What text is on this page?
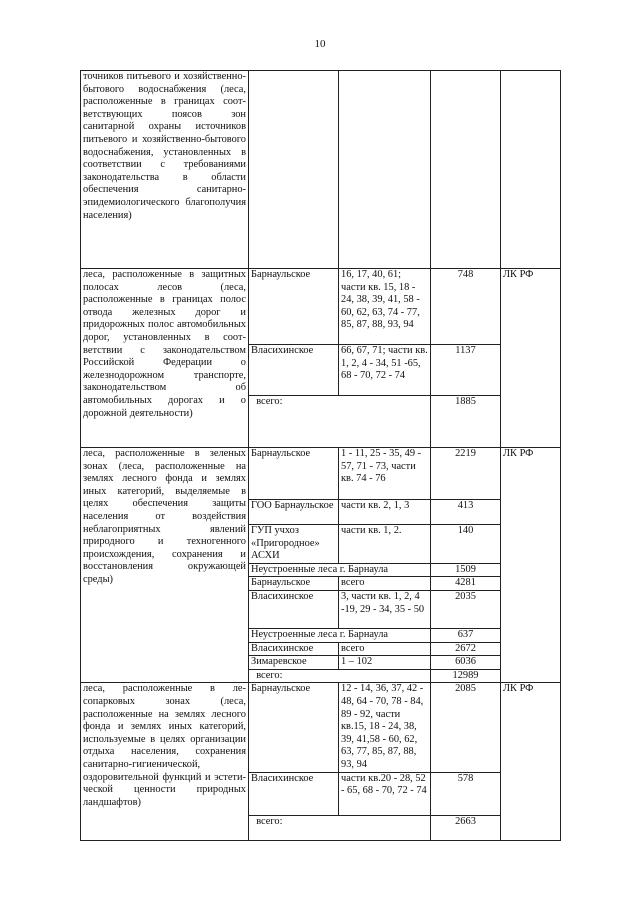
10
точников питьевого и хозяйственно-бытового водоснабжения (леса, расположенные в границах соответствующих поясов зон санитарной охраны источников питьевого и хозяйственно-бытового водоснабжения, установленных в соответствии с требованиями законодательства в области обеспечения санитарно-эпидемиологического благополучия населения)				
леса, расположенные в защитных полосах лесов (леса, расположенные в границах полос отвода железных дорог и придорожных полос автомобильных дорог, установленных в соответствии с законодательством Российской Федерации о железнодорожном транспорте, законодательством об автомобильных дорогах и о дорожной деятельности)	Барнаульское	16, 17, 40, 61; части кв. 15, 18 - 24, 38, 39, 41, 58 - 60, 62, 63, 74 - 77, 85, 87, 88, 93, 94	748	ЛК РФ
	Власихинское	66, 67, 71; части кв. 1, 2, 4 - 34, 51 -65, 68 - 70, 72 - 74	1137	
	всего:		1885	
леса, расположенные в зеленых зонах (леса, расположенные на землях лесного фонда и землях иных категорий, выделяемые в целях обеспечения защиты населения от воздействия неблагоприятных явлений природного и техногенного происхождения, сохранения и восстановления окружающей среды)	Барнаульское	1 - 11, 25 - 35, 49 - 57, 71 - 73, части кв. 74 - 76	2219	ЛК РФ
	ГОО Барнаульское	части кв. 2, 1, 3	413	
	ГУП учхоз «Пригородное» АСХИ	части кв. 1, 2.	140	
	Неустроенные леса г. Барнаула		1509	
	Барнаульское	всего	4281	
	Власихинское	3, части кв. 1, 2, 4 -19, 29 - 34, 35 - 50	2035	
	Неустроенные леса г. Барнаула		637	
	Власихинское	всего	2672	
	Зимаревское	1 – 102	6036	
	всего:		12989	
леса, расположенные в лесопарковых зонах (леса, расположенные на землях лесного фонда и землях иных категорий, используемые в целях организации отдыха населения, сохранения санитарно-гигиенической, оздоровительной функций и эстетической ценности природных ландшафтов)	Барнаульское	12 - 14, 36, 37, 42 - 48, 64 - 70, 78 - 84, 89 - 92, части кв.15, 18 - 24, 38, 39, 41,58 - 60, 62, 63, 77, 85, 87, 88, 93, 94	2085	ЛК РФ
	Власихинское	части кв.20 - 28, 52 - 65, 68 - 70, 72 - 74	578	
	всего:		2663	
